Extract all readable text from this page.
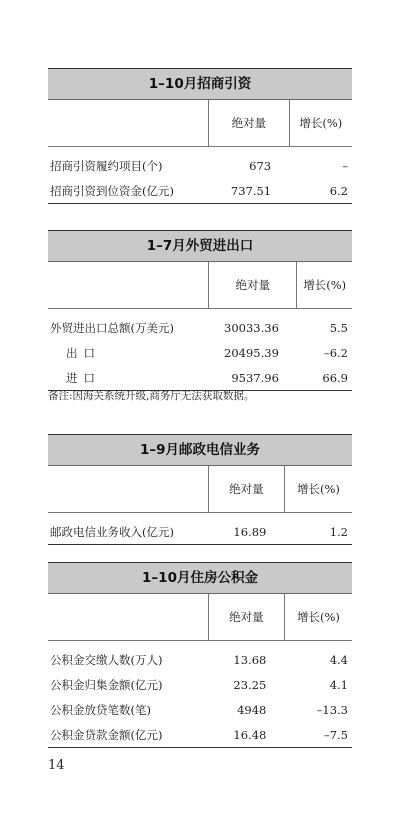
1–10月招商引资
	绝对量	增长(%)
招商引资履约项目(个)	673	–
招商引资到位资金(亿元)	737.51	6.2
1–7月外贸进出口
	绝对量	增长(%)
外贸进出口总额(万美元)	30033.36	5.5
出口	20495.39	–6.2
进口	9537.96	66.9
备注:因海关系统升级,商务厅无法获取数据。
1–9月邮政电信业务
	绝对量	增长(%)
邮政电信业务收入(亿元)	16.89	1.2
1–10月住房公积金
	绝对量	增长(%)
公积金交缴人数(万人)	13.68	4.4
公积金归集金额(亿元)	23.25	4.1
公积金放贷笔数(笔)	4948	–13.3
公积金贷款金额(亿元)	16.48	–7.5
14
